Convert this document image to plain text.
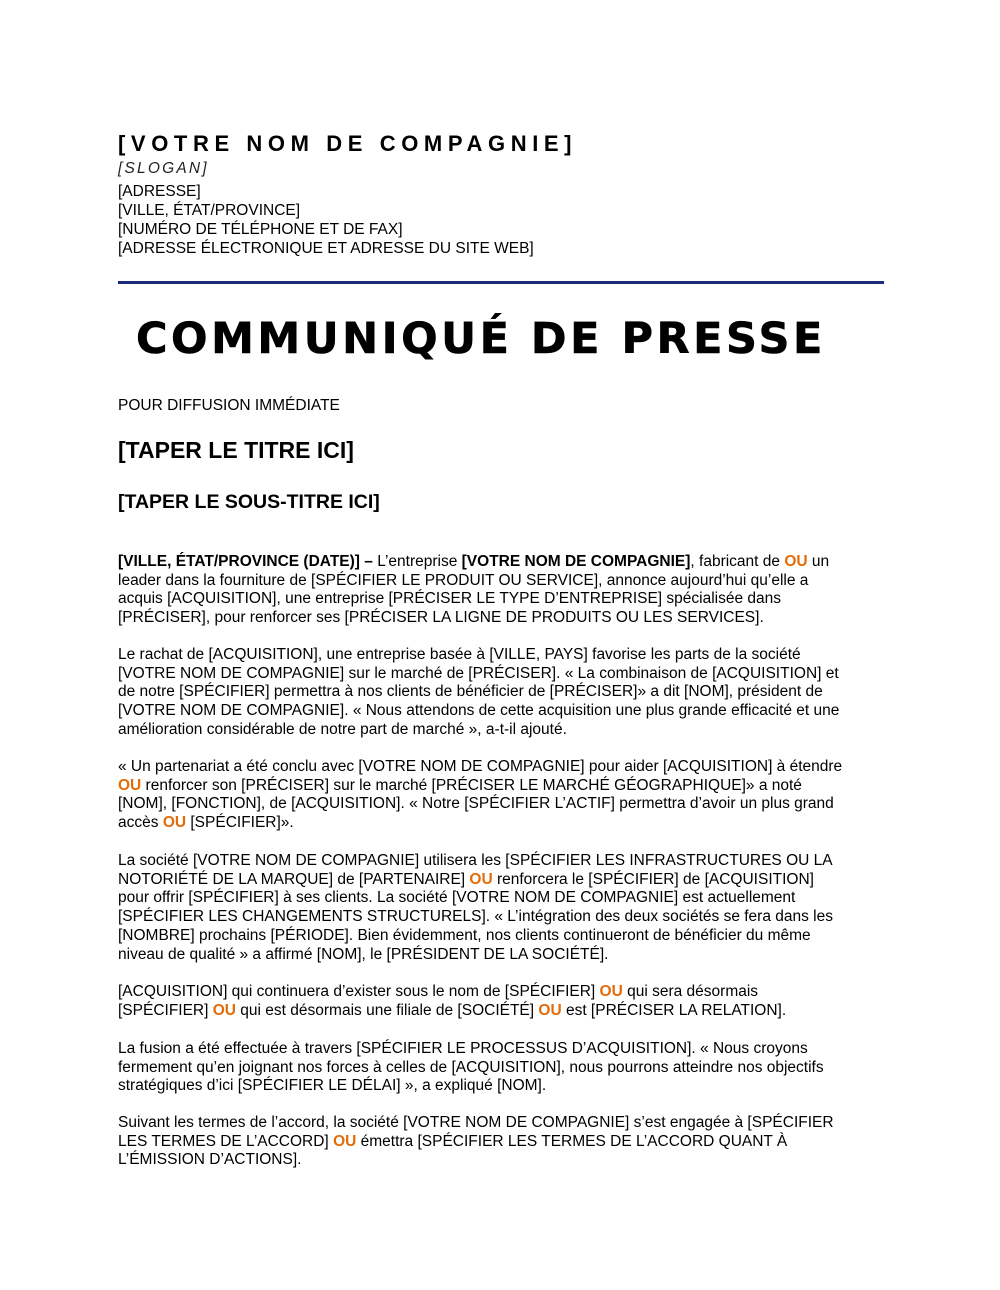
[VOTRE NOM DE COMPAGNIE]
[SLOGAN]
[ADRESSE]
[VILLE, ÉTAT/PROVINCE]
[NUMÉRO DE TÉLÉPHONE ET DE FAX]
[ADRESSE ÉLECTRONIQUE ET ADRESSE DU SITE WEB]
COMMUNIQUÉ DE PRESSE
POUR DIFFUSION IMMÉDIATE
[TAPER LE TITRE ICI]
[TAPER LE SOUS-TITRE ICI]
[VILLE, ÉTAT/PROVINCE (DATE)] – L’entreprise [VOTRE NOM DE COMPAGNIE], fabricant de OU un
leader dans la fourniture de [SPÉCIFIER LE PRODUIT OU SERVICE], annonce aujourd’hui qu’elle a
acquis [ACQUISITION], une entreprise [PRÉCISER LE TYPE D’ENTREPRISE] spécialisée dans
[PRÉCISER], pour renforcer ses [PRÉCISER LA LIGNE DE PRODUITS OU LES SERVICES].
Le rachat de [ACQUISITION], une entreprise basée à [VILLE, PAYS] favorise les parts de la société
[VOTRE NOM DE COMPAGNIE] sur le marché de [PRÉCISER]. « La combinaison de [ACQUISITION] et
de notre [SPÉCIFIER] permettra à nos clients de bénéficier de [PRÉCISER]» a dit [NOM], président de
[VOTRE NOM DE COMPAGNIE]. « Nous attendons de cette acquisition une plus grande efficacité et une
amélioration considérable de notre part de marché », a-t-il ajouté.
« Un partenariat a été conclu avec [VOTRE NOM DE COMPAGNIE] pour aider [ACQUISITION] à étendre
OU renforcer son [PRÉCISER] sur le marché [PRÉCISER LE MARCHÉ GÉOGRAPHIQUE]» a noté
[NOM], [FONCTION], de [ACQUISITION]. « Notre [SPÉCIFIER L’ACTIF] permettra d’avoir un plus grand
accès OU [SPÉCIFIER]».
La société [VOTRE NOM DE COMPAGNIE] utilisera les [SPÉCIFIER LES INFRASTRUCTURES OU LA
NOTORIÉTÉ DE LA MARQUE] de [PARTENAIRE] OU renforcera le [SPÉCIFIER] de [ACQUISITION]
pour offrir [SPÉCIFIER] à ses clients. La société [VOTRE NOM DE COMPAGNIE] est actuellement
[SPÉCIFIER LES CHANGEMENTS STRUCTURELS]. « L’intégration des deux sociétés se fera dans les
[NOMBRE] prochains [PÉRIODE]. Bien évidemment, nos clients continueront de bénéficier du même
niveau de qualité » a affirmé [NOM], le [PRÉSIDENT DE LA SOCIÉTÉ].
[ACQUISITION] qui continuera d’exister sous le nom de [SPÉCIFIER] OU qui sera désormais
[SPÉCIFIER] OU qui est désormais une filiale de [SOCIÉTÉ] OU est [PRÉCISER LA RELATION].
La fusion a été effectuée à travers [SPÉCIFIER LE PROCESSUS D’ACQUISITION]. « Nous croyons
fermement qu’en joignant nos forces à celles de [ACQUISITION], nous pourrons atteindre nos objectifs
stratégiques d’ici [SPÉCIFIER LE DÉLAI] », a expliqué [NOM].
Suivant les termes de l’accord, la société [VOTRE NOM DE COMPAGNIE] s’est engagée à [SPÉCIFIER
LES TERMES DE L’ACCORD] OU émettra [SPÉCIFIER LES TERMES DE L’ACCORD QUANT À
L’ÉMISSION D’ACTIONS].
